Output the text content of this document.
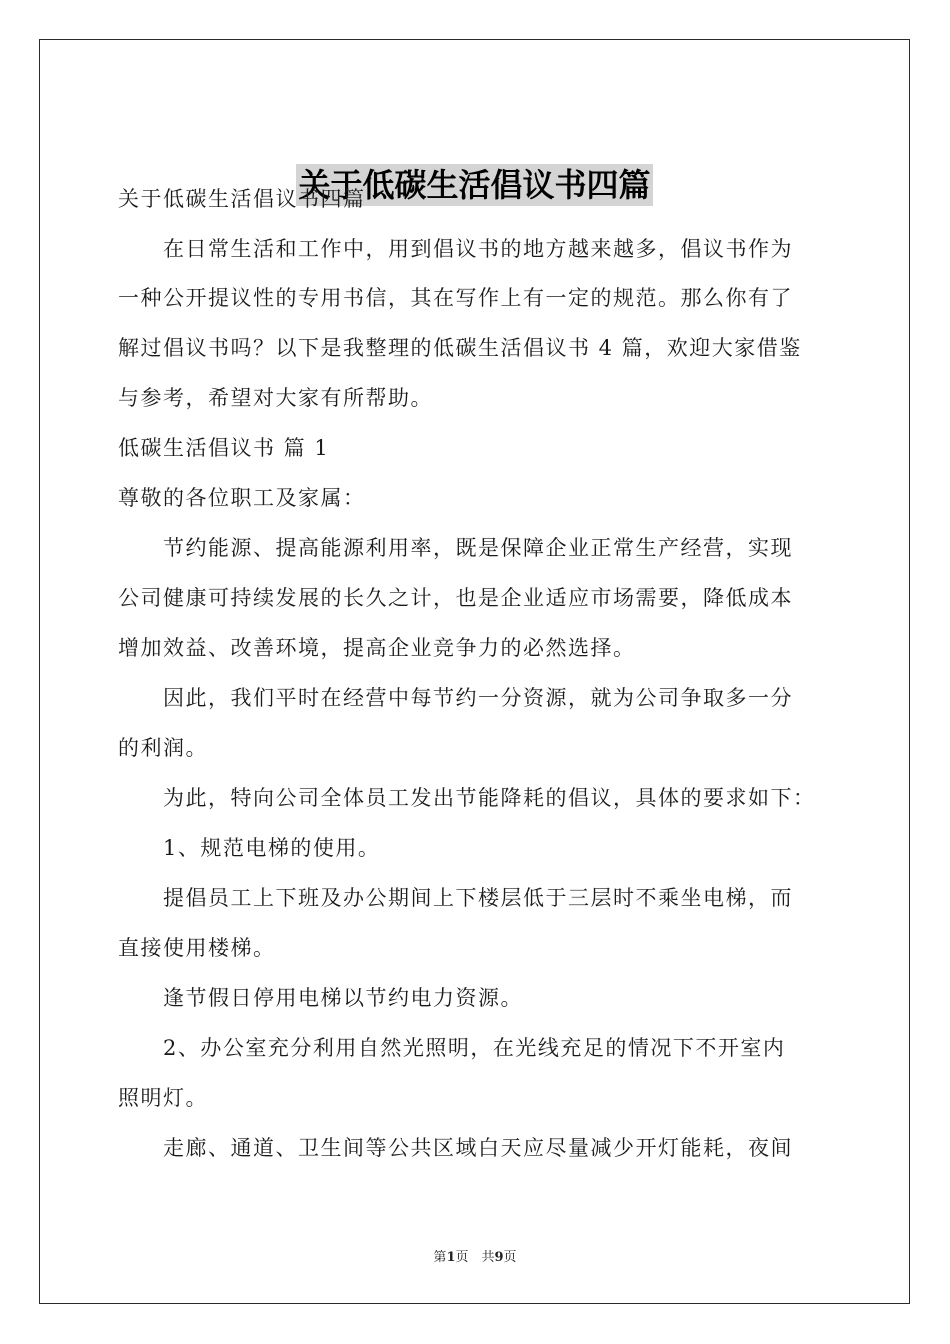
关于低碳生活倡议书四篇
关于低碳生活倡议书四篇
　　在日常生活和工作中，用到倡议书的地方越来越多，倡议书作为
一种公开提议性的专用书信，其在写作上有一定的规范。那么你有了
解过倡议书吗？以下是我整理的低碳生活倡议书 4 篇，欢迎大家借鉴
与参考，希望对大家有所帮助。
低碳生活倡议书 篇 1
尊敬的各位职工及家属：
　　节约能源、提高能源利用率，既是保障企业正常生产经营，实现
公司健康可持续发展的长久之计，也是企业适应市场需要，降低成本
增加效益、改善环境，提高企业竞争力的必然选择。
　　因此，我们平时在经营中每节约一分资源，就为公司争取多一分
的利润。
　　为此，特向公司全体员工发出节能降耗的倡议，具体的要求如下：
　　1、规范电梯的使用。
　　提倡员工上下班及办公期间上下楼层低于三层时不乘坐电梯，而
直接使用楼梯。
　　逢节假日停用电梯以节约电力资源。
　　2、办公室充分利用自然光照明，在光线充足的情况下不开室内
照明灯。
　　走廊、通道、卫生间等公共区域白天应尽量减少开灯能耗，夜间
第1页　共9页
